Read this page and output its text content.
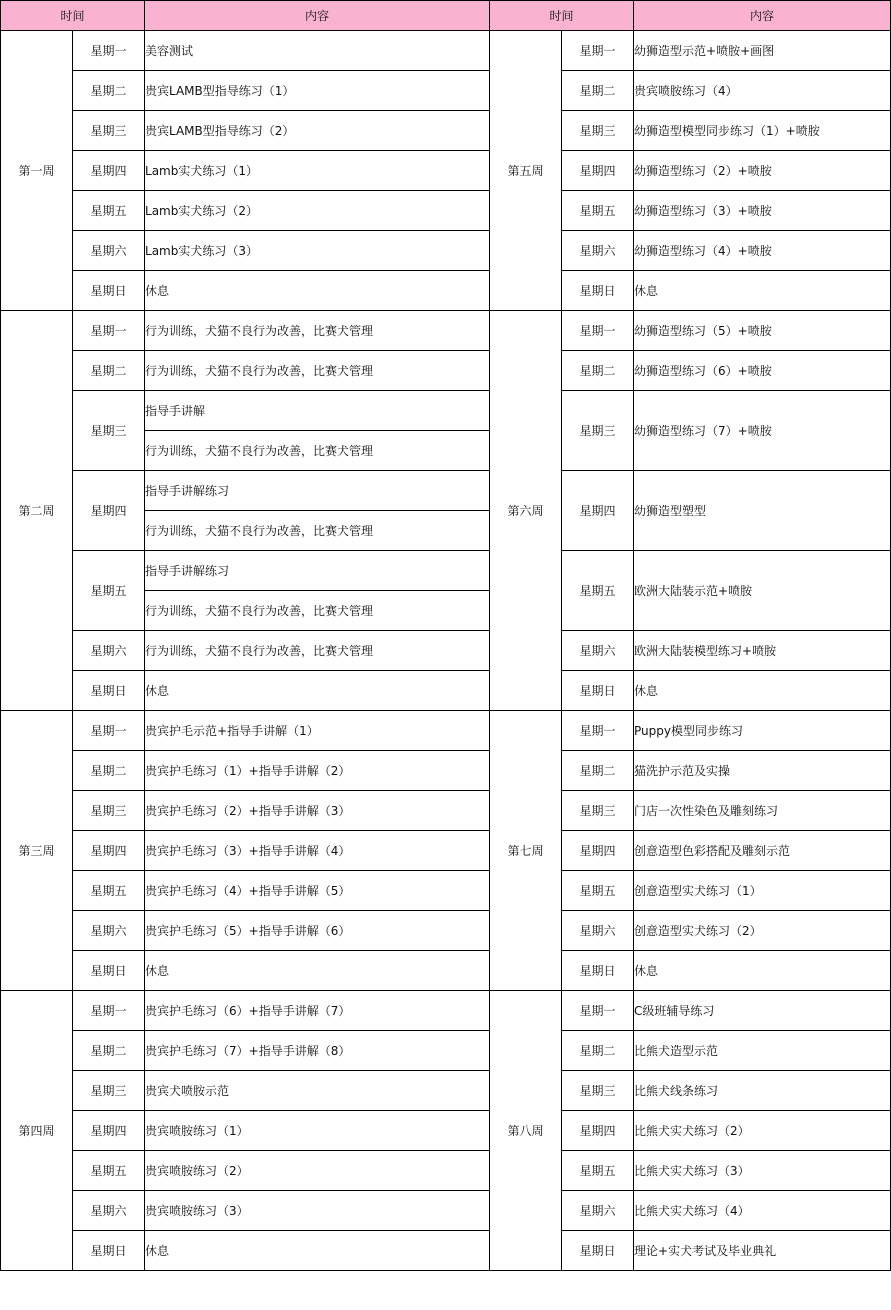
时间		内容	时间		内容
第一周	星期一	美容测试	第五周	星期一	幼狮造型示范+喷胺+画图
	星期二	贵宾LAMB型指导练习（1）		星期二	贵宾喷胺练习（4）
	星期三	贵宾LAMB型指导练习（2）		星期三	幼狮造型模型同步练习（1）+喷胺
	星期四	Lamb实犬练习（1）		星期四	幼狮造型练习（2）+喷胺
	星期五	Lamb实犬练习（2）		星期五	幼狮造型练习（3）+喷胺
	星期六	Lamb实犬练习（3）		星期六	幼狮造型练习（4）+喷胺
	星期日	休息		星期日	休息
第二周	星期一	行为训练，犬猫不良行为改善，比赛犬管理	第六周	星期一	幼狮造型练习（5）+喷胺
	星期二	行为训练，犬猫不良行为改善，比赛犬管理		星期二	幼狮造型练习（6）+喷胺
	星期三	指导手讲解		星期三	幼狮造型练习（7）+喷胺
		行为训练，犬猫不良行为改善，比赛犬管理			
	星期四	指导手讲解练习		星期四	幼狮造型塑型
		行为训练，犬猫不良行为改善，比赛犬管理			
	星期五	指导手讲解练习		星期五	欧洲大陆装示范+喷胺
		行为训练，犬猫不良行为改善，比赛犬管理			
	星期六	行为训练，犬猫不良行为改善，比赛犬管理		星期六	欧洲大陆装模型练习+喷胺
	星期日	休息		星期日	休息
第三周	星期一	贵宾护毛示范+指导手讲解（1）	第七周	星期一	Puppy模型同步练习
	星期二	贵宾护毛练习（1）+指导手讲解（2）		星期二	猫洗护示范及实操
	星期三	贵宾护毛练习（2）+指导手讲解（3）		星期三	门店一次性染色及雕刻练习
	星期四	贵宾护毛练习（3）+指导手讲解（4）		星期四	创意造型色彩搭配及雕刻示范
	星期五	贵宾护毛练习（4）+指导手讲解（5）		星期五	创意造型实犬练习（1）
	星期六	贵宾护毛练习（5）+指导手讲解（6）		星期六	创意造型实犬练习（2）
	星期日	休息		星期日	休息
第四周	星期一	贵宾护毛练习（6）+指导手讲解（7）	第八周	星期一	C级班辅导练习

	星期二	贵宾护毛练习（7）+指导手讲解（8）		星期二	比熊犬造型示范
	星期三	贵宾犬喷胺示范		星期三	比熊犬线条练习
	星期四	贵宾喷胺练习（1）		星期四	比熊犬实犬练习（2）
	星期五	贵宾喷胺练习（2）		星期五	比熊犬实犬练习（3）
	星期六	贵宾喷胺练习（3）		星期六	比熊犬实犬练习（4）
	星期日	休息		星期日	理论+实犬考试及毕业典礼
